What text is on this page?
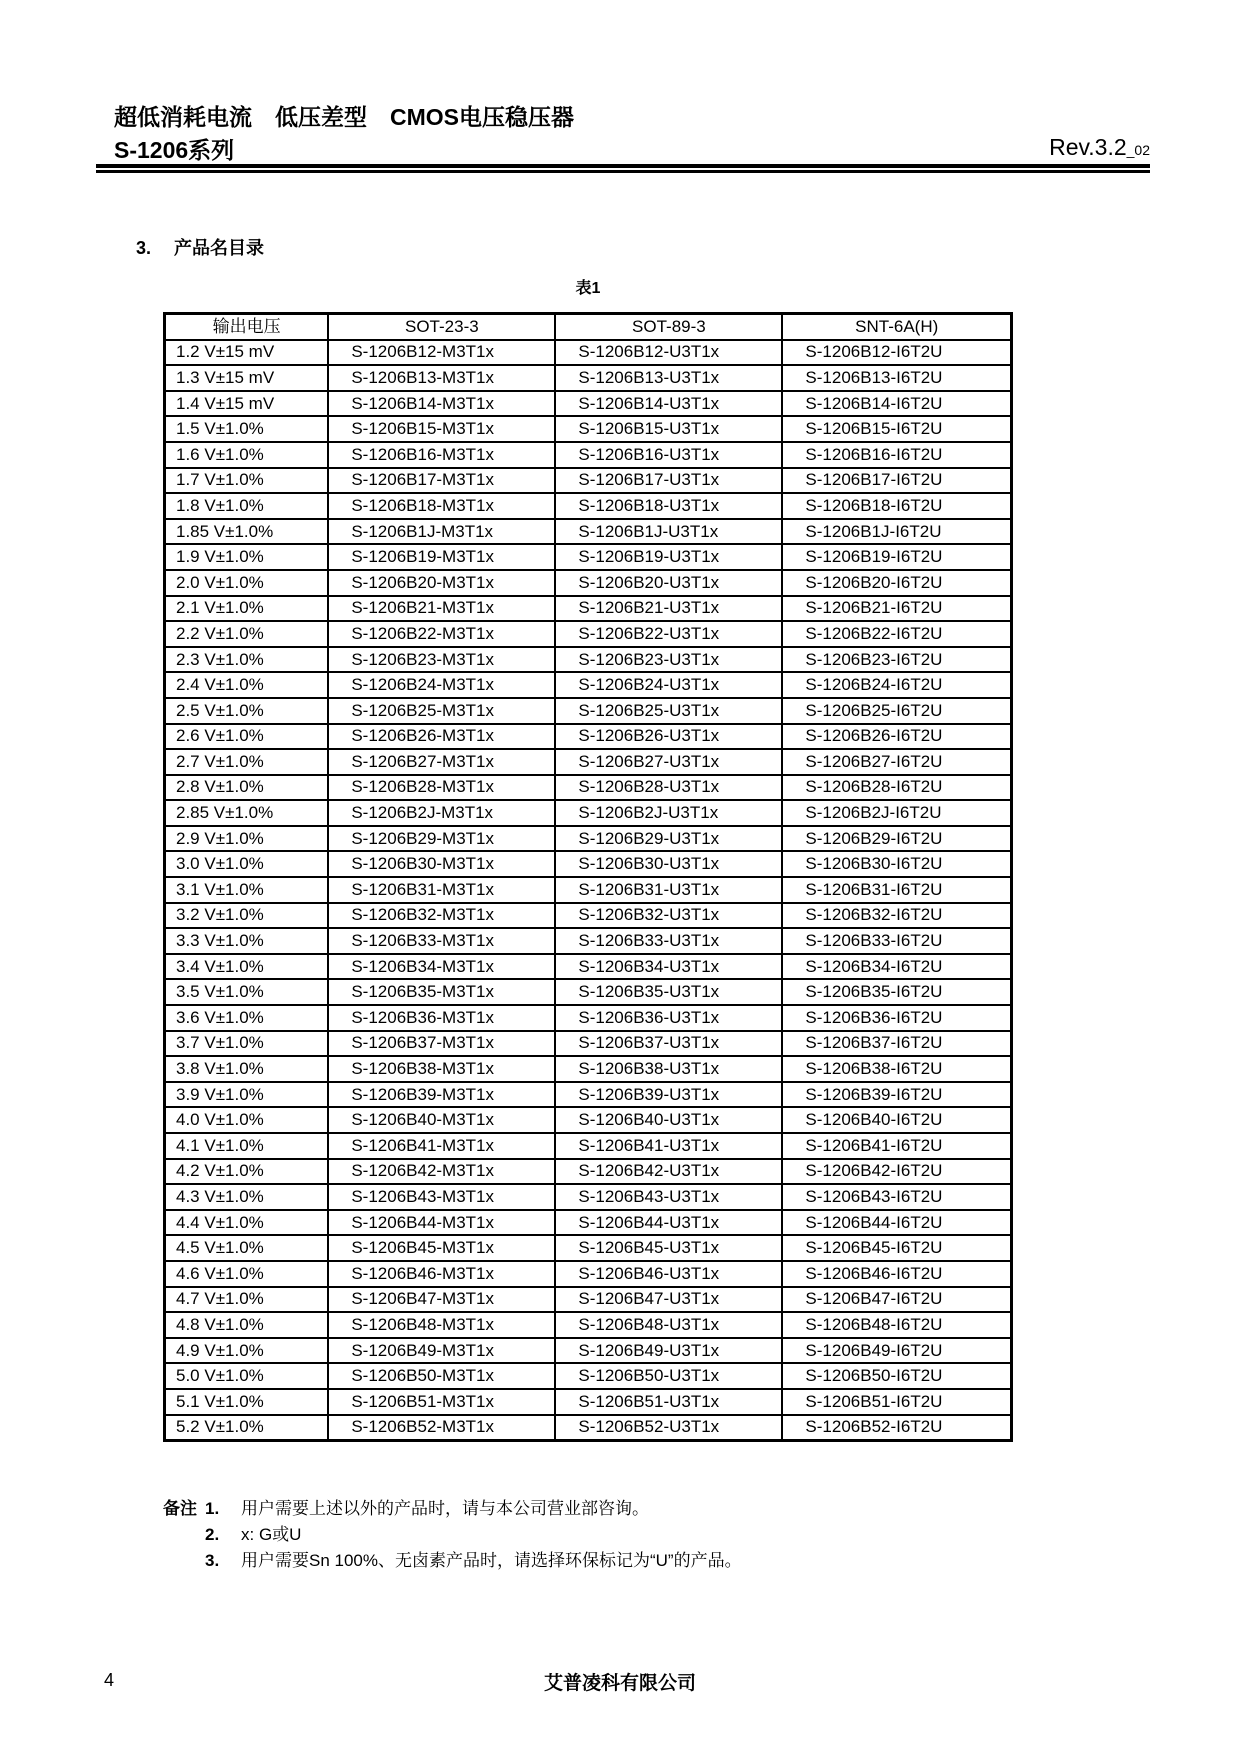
超低消耗电流　低压差型　CMOS电压稳压器
S-1206系列	Rev.3.2_02
3. 产品名目录
表1
输出电压	SOT-23-3	SOT-89-3	SNT-6A(H)
1.2 V±15 mV	S-1206B12-M3T1x	S-1206B12-U3T1x	S-1206B12-I6T2U
1.3 V±15 mV	S-1206B13-M3T1x	S-1206B13-U3T1x	S-1206B13-I6T2U
1.4 V±15 mV	S-1206B14-M3T1x	S-1206B14-U3T1x	S-1206B14-I6T2U
1.5 V±1.0%	S-1206B15-M3T1x	S-1206B15-U3T1x	S-1206B15-I6T2U
1.6 V±1.0%	S-1206B16-M3T1x	S-1206B16-U3T1x	S-1206B16-I6T2U
1.7 V±1.0%	S-1206B17-M3T1x	S-1206B17-U3T1x	S-1206B17-I6T2U
1.8 V±1.0%	S-1206B18-M3T1x	S-1206B18-U3T1x	S-1206B18-I6T2U
1.85 V±1.0%	S-1206B1J-M3T1x	S-1206B1J-U3T1x	S-1206B1J-I6T2U
1.9 V±1.0%	S-1206B19-M3T1x	S-1206B19-U3T1x	S-1206B19-I6T2U
2.0 V±1.0%	S-1206B20-M3T1x	S-1206B20-U3T1x	S-1206B20-I6T2U
2.1 V±1.0%	S-1206B21-M3T1x	S-1206B21-U3T1x	S-1206B21-I6T2U
2.2 V±1.0%	S-1206B22-M3T1x	S-1206B22-U3T1x	S-1206B22-I6T2U
2.3 V±1.0%	S-1206B23-M3T1x	S-1206B23-U3T1x	S-1206B23-I6T2U
2.4 V±1.0%	S-1206B24-M3T1x	S-1206B24-U3T1x	S-1206B24-I6T2U
2.5 V±1.0%	S-1206B25-M3T1x	S-1206B25-U3T1x	S-1206B25-I6T2U
2.6 V±1.0%	S-1206B26-M3T1x	S-1206B26-U3T1x	S-1206B26-I6T2U
2.7 V±1.0%	S-1206B27-M3T1x	S-1206B27-U3T1x	S-1206B27-I6T2U
2.8 V±1.0%	S-1206B28-M3T1x	S-1206B28-U3T1x	S-1206B28-I6T2U
2.85 V±1.0%	S-1206B2J-M3T1x	S-1206B2J-U3T1x	S-1206B2J-I6T2U
2.9 V±1.0%	S-1206B29-M3T1x	S-1206B29-U3T1x	S-1206B29-I6T2U
3.0 V±1.0%	S-1206B30-M3T1x	S-1206B30-U3T1x	S-1206B30-I6T2U
3.1 V±1.0%	S-1206B31-M3T1x	S-1206B31-U3T1x	S-1206B31-I6T2U
3.2 V±1.0%	S-1206B32-M3T1x	S-1206B32-U3T1x	S-1206B32-I6T2U
3.3 V±1.0%	S-1206B33-M3T1x	S-1206B33-U3T1x	S-1206B33-I6T2U
3.4 V±1.0%	S-1206B34-M3T1x	S-1206B34-U3T1x	S-1206B34-I6T2U
3.5 V±1.0%	S-1206B35-M3T1x	S-1206B35-U3T1x	S-1206B35-I6T2U
3.6 V±1.0%	S-1206B36-M3T1x	S-1206B36-U3T1x	S-1206B36-I6T2U
3.7 V±1.0%	S-1206B37-M3T1x	S-1206B37-U3T1x	S-1206B37-I6T2U
3.8 V±1.0%	S-1206B38-M3T1x	S-1206B38-U3T1x	S-1206B38-I6T2U
3.9 V±1.0%	S-1206B39-M3T1x	S-1206B39-U3T1x	S-1206B39-I6T2U
4.0 V±1.0%	S-1206B40-M3T1x	S-1206B40-U3T1x	S-1206B40-I6T2U
4.1 V±1.0%	S-1206B41-M3T1x	S-1206B41-U3T1x	S-1206B41-I6T2U
4.2 V±1.0%	S-1206B42-M3T1x	S-1206B42-U3T1x	S-1206B42-I6T2U
4.3 V±1.0%	S-1206B43-M3T1x	S-1206B43-U3T1x	S-1206B43-I6T2U
4.4 V±1.0%	S-1206B44-M3T1x	S-1206B44-U3T1x	S-1206B44-I6T2U
4.5 V±1.0%	S-1206B45-M3T1x	S-1206B45-U3T1x	S-1206B45-I6T2U
4.6 V±1.0%	S-1206B46-M3T1x	S-1206B46-U3T1x	S-1206B46-I6T2U
4.7 V±1.0%	S-1206B47-M3T1x	S-1206B47-U3T1x	S-1206B47-I6T2U
4.8 V±1.0%	S-1206B48-M3T1x	S-1206B48-U3T1x	S-1206B48-I6T2U
4.9 V±1.0%	S-1206B49-M3T1x	S-1206B49-U3T1x	S-1206B49-I6T2U
5.0 V±1.0%	S-1206B50-M3T1x	S-1206B50-U3T1x	S-1206B50-I6T2U
5.1 V±1.0%	S-1206B51-M3T1x	S-1206B51-U3T1x	S-1206B51-I6T2U
5.2 V±1.0%	S-1206B52-M3T1x	S-1206B52-U3T1x	S-1206B52-I6T2U
备注 1.	用户需要上述以外的产品时，请与本公司营业部咨询。
2.	x: G或U
3.	用户需要Sn 100%、无卤素产品时，请选择环保标记为“U”的产品。
4	艾普凌科有限公司
